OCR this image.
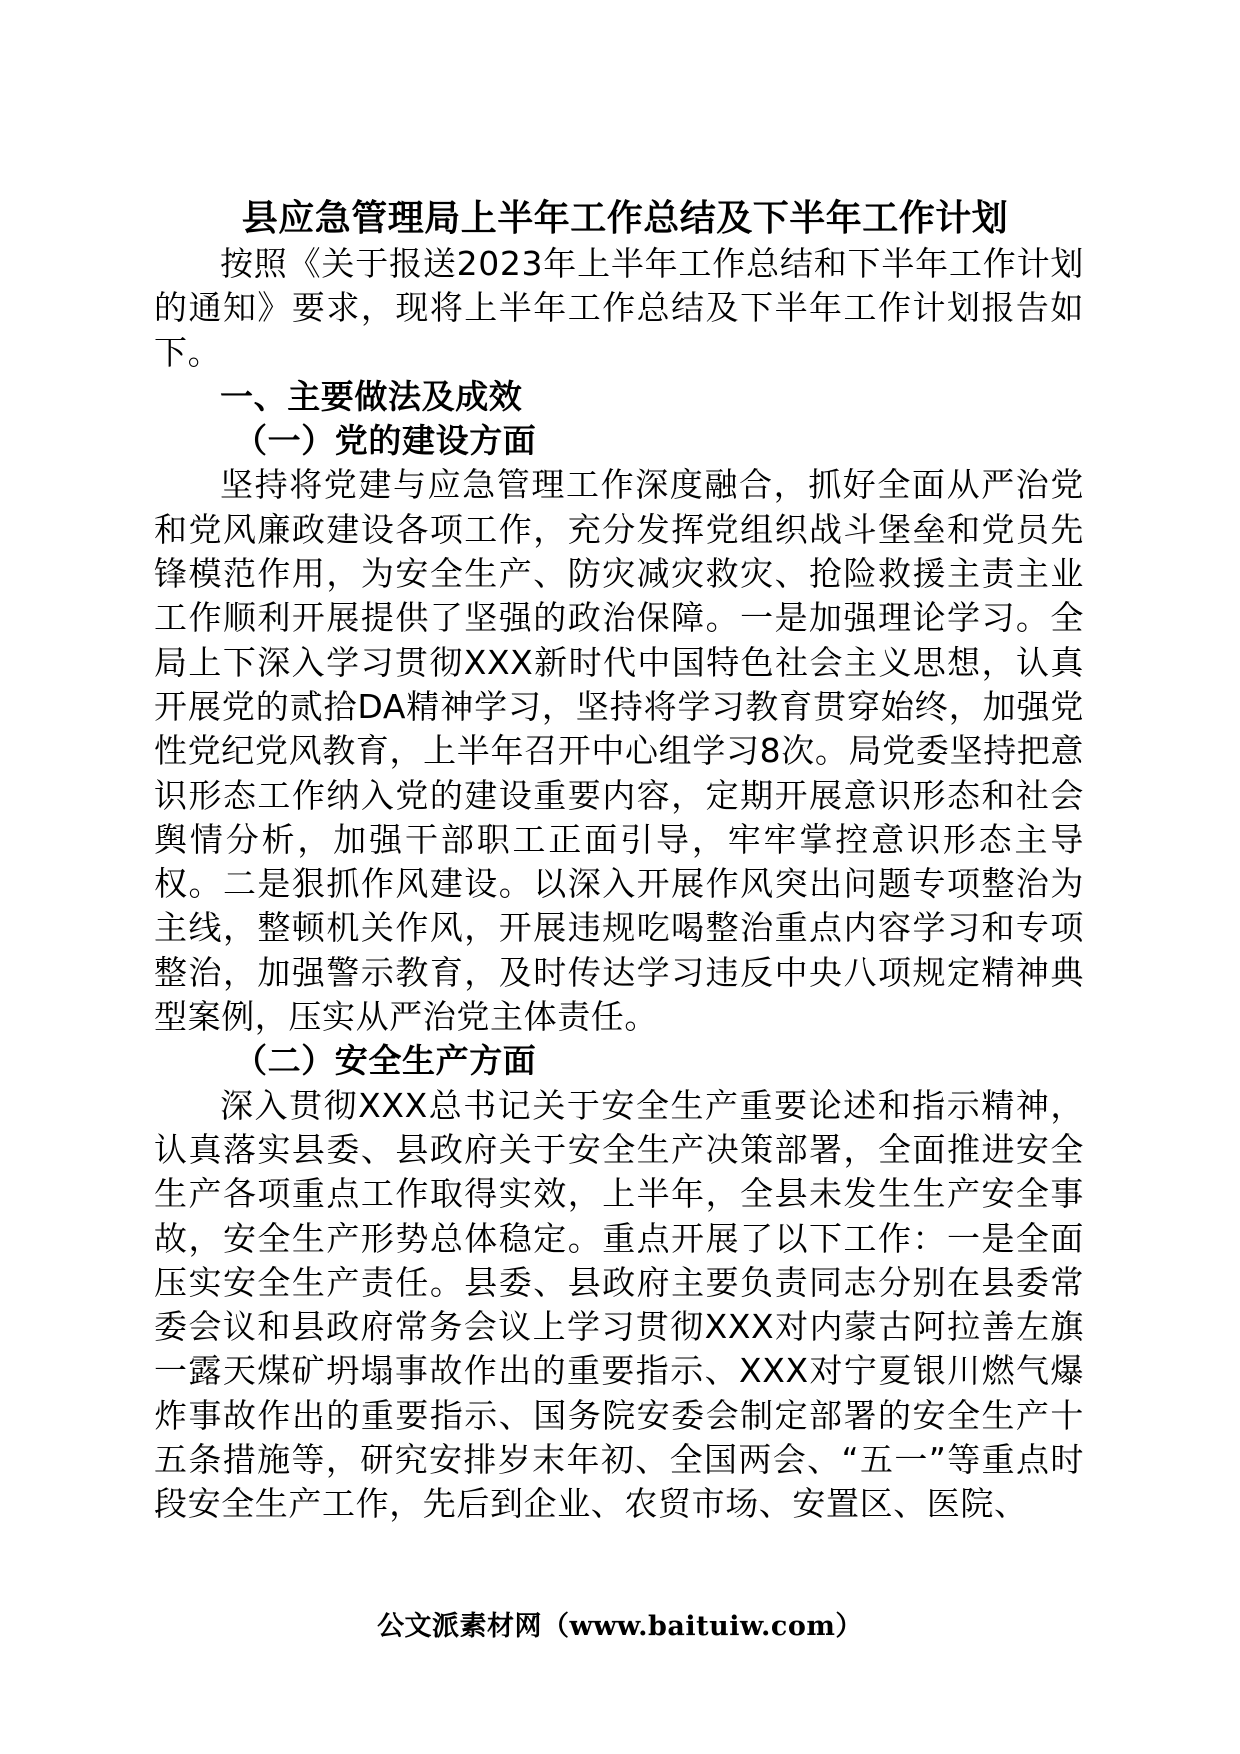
县应急管理局上半年工作总结及下半年工作计划

按照《关于报送2023年上半年工作总结和下半年工作计划的通知》要求，现将上半年工作总结及下半年工作计划报告如下。

一、主要做法及成效

（一）党的建设方面

坚持将党建与应急管理工作深度融合，抓好全面从严治党和党风廉政建设各项工作，充分发挥党组织战斗堡垒和党员先锋模范作用，为安全生产、防灾减灾救灾、抢险救援主责主业工作顺利开展提供了坚强的政治保障。一是加强理论学习。全局上下深入学习贯彻XXX新时代中国特色社会主义思想，认真开展党的贰拾DA精神学习，坚持将学习教育贯穿始终，加强党性党纪党风教育，上半年召开中心组学习8次。局党委坚持把意识形态工作纳入党的建设重要内容，定期开展意识形态和社会舆情分析，加强干部职工正面引导，牢牢掌控意识形态主导权。二是狠抓作风建设。以深入开展作风突出问题专项整治为主线，整顿机关作风，开展违规吃喝整治重点内容学习和专项整治，加强警示教育，及时传达学习违反中央八项规定精神典型案例，压实从严治党主体责任。

（二）安全生产方面

深入贯彻XXX总书记关于安全生产重要论述和指示精神，认真落实县委、县政府关于安全生产决策部署，全面推进安全生产各项重点工作取得实效，上半年，全县未发生生产安全事故，安全生产形势总体稳定。重点开展了以下工作：一是全面压实安全生产责任。县委、县政府主要负责同志分别在县委常委会议和县政府常务会议上学习贯彻XXX对内蒙古阿拉善左旗一露天煤矿坍塌事故作出的重要指示、XXX对宁夏银川燃气爆炸事故作出的重要指示、国务院安委会制定部署的安全生产十五条措施等，研究安排岁末年初、全国两会、“五一”等重点时段安全生产工作，先后到企业、农贸市场、安置区、医院、

公文派素材网（www.baituiw.com）
